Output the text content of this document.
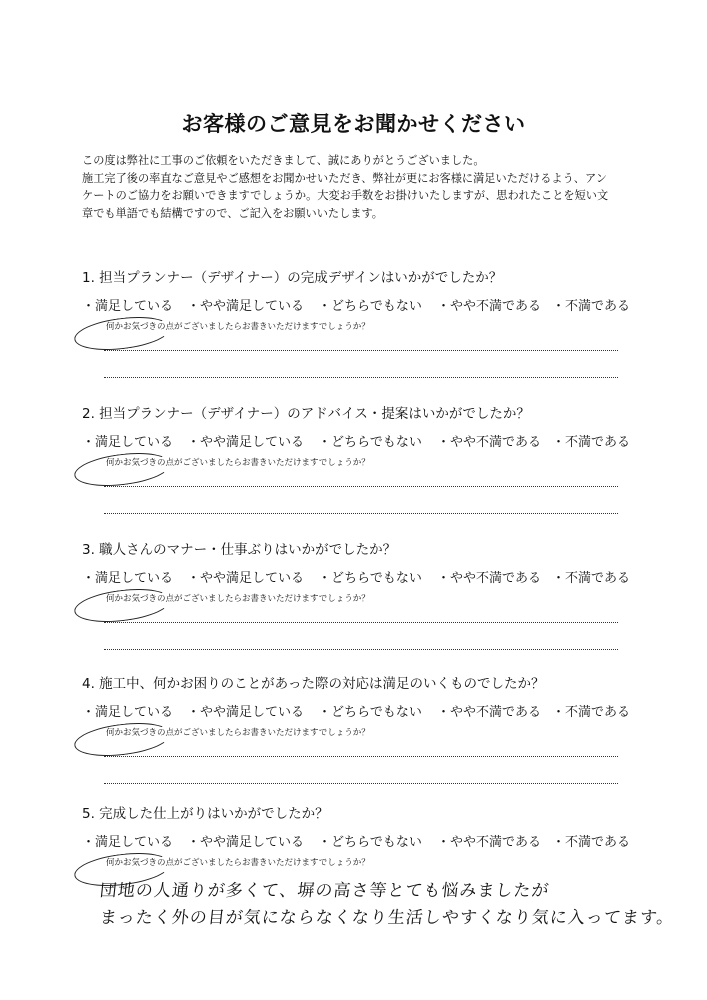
お客様のご意見をお聞かせください
この度は弊社に工事のご依頼をいただきまして、誠にありがとうございました。
施工完了後の率直なご意見やご感想をお聞かせいただき、弊社が更にお客様に満足いただけるよう、アン
ケートのご協力をお願いできますでしょうか。大変お手数をお掛けいたしますが、思われたことを短い文
章でも単語でも結構ですので、ご記入をお願いいたします。
1. 担当プランナー（デザイナー）の完成デザインはいかがでしたか？
・満足している ・やや満足している ・どちらでもない ・やや不満である ・不満である
何かお気づきの点がございましたらお書きいただけますでしょうか？
2. 担当プランナー（デザイナー）のアドバイス・提案はいかがでしたか？
・満足している ・やや満足している ・どちらでもない ・やや不満である ・不満である
何かお気づきの点がございましたらお書きいただけますでしょうか？
3. 職人さんのマナー・仕事ぶりはいかがでしたか？
・満足している ・やや満足している ・どちらでもない ・やや不満である ・不満である
何かお気づきの点がございましたらお書きいただけますでしょうか？
4. 施工中、何かお困りのことがあった際の対応は満足のいくものでしたか？
・満足している ・やや満足している ・どちらでもない ・やや不満である ・不満である
何かお気づきの点がございましたらお書きいただけますでしょうか？
5. 完成した仕上がりはいかがでしたか？
・満足している ・やや満足している ・どちらでもない ・やや不満である ・不満である
何かお気づきの点がございましたらお書きいただけますでしょうか？
団地の人通りが多くて、塀の高さ等とても悩みましたが
まったく外の目が気にならなくなり生活しやすくなり気に入ってます。
